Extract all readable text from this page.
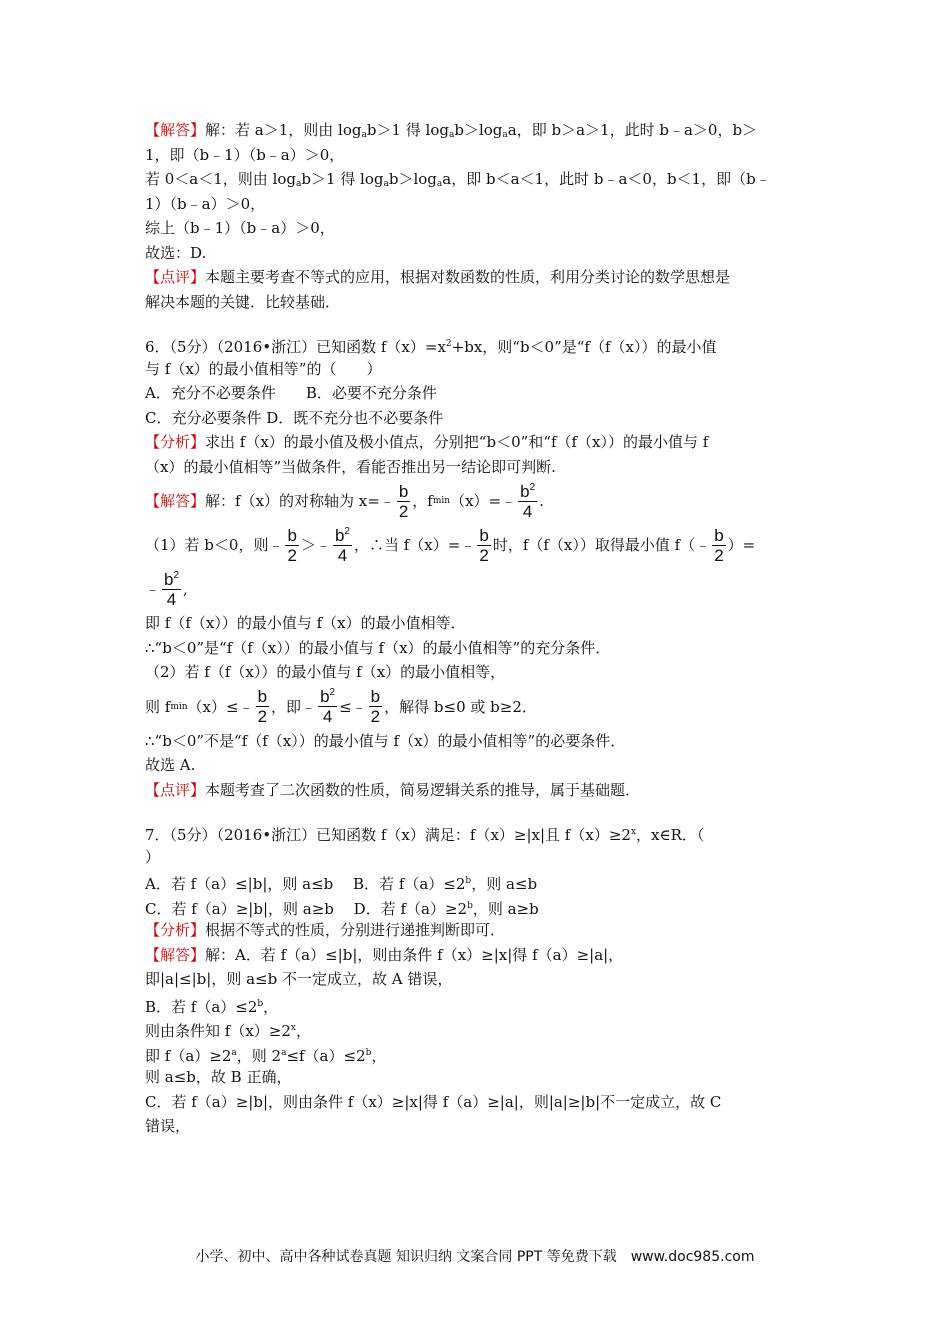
【解答】解：若 a＞1，则由 $\log_ab>1$ 得 $\log_ab>\log_aa$，即 b＞a＞1，此时 b﹣a＞0，b＞
1，即（b﹣1）（b﹣a）＞0，
若 0＜a＜1，则由 $\log_ab>1$ 得 $\log_ab>\log_aa$，即 b＜a＜1，此时 b﹣a＜0，b＜1，即（b﹣
1）（b﹣a）＞0，
综上（b﹣1）（b﹣a）＞0，
故选：D.
【点评】本题主要考查不等式的应用，根据对数函数的性质，利用分类讨论的数学思想是
解决本题的关键．比较基础．
6．（5分）（2016•浙江）已知函数 $f(x)=x^2+bx$，则“b＜0”是“f（f（x））的最小值
与 f（x）的最小值相等”的（　　）
A．充分不必要条件　　B．必要不充分条件
C．充分必要条件 D．既不充分也不必要条件
【分析】求出 f（x）的最小值及极小值点，分别把“b＜0”和“f（f（x））的最小值与 f
（x）的最小值相等”当做条件，看能否推出另一结论即可判断.
【解答】 解：f（x）的对称轴为 x=﹣ $\frac{b}{2}$ ，f min （x）=﹣ $\frac{b^2}{4}$ .
（1）若 b＜0，则﹣ $\frac{b}{2}$ ＞﹣ $\frac{b^2}{4}$ ，∴当 f（x）=﹣ $\frac{b}{2}$ 时，f（f（x））取得最小值 f（﹣ $\frac{b}{2}$ ）=
﹣ $\frac{b^2}{4}$ ,
即 f（f（x））的最小值与 f（x）的最小值相等．
∴“b＜0”是“f（f（x））的最小值与 f（x）的最小值相等”的充分条件．
（2）若 f（f（x））的最小值与 f（x）的最小值相等，
则 f min （x）≤﹣ $\frac{b}{2}$ ，即﹣ $\frac{b^2}{4}$ ≤﹣ $\frac{b}{2}$ ，解得 b≤0 或 b≥2．
∴“b＜0”不是“f（f（x））的最小值与 f（x）的最小值相等”的必要条件．
故选 A.
【点评】本题考查了二次函数的性质，简易逻辑关系的推导，属于基础题．
7．（5分）（2016•浙江）已知函数 f（x）满足：f（x）≥|x|且 $f(x)\ge 2^x$，x∈R．（
）
A．若 f（a）≤|b|，则 a≤b　 B．若 $f(a)\le 2^b$，则 a≤b
C．若 f（a）≥|b|，则 a≥b　 D．若 $f(a)\ge 2^b$，则 a≥b
【分析】根据不等式的性质，分别进行递推判断即可．
【解答】解：A．若 f（a）≤|b|，则由条件 f（x）≥|x|得 f（a）≥|a|，
即|a|≤|b|，则 a≤b 不一定成立，故 A 错误，
B．若 $f(a)\le 2^b$，
则由条件知 $f(x)\ge 2^x$，
即 $f(a)\ge 2^a$，则 $2^a\le f(a)\le 2^b$，
则 a≤b，故 B 正确，
C．若 f（a）≥|b|，则由条件 f（x）≥|x|得 f（a）≥|a|，则|a|≥|b|不一定成立，故 C
错误，
小学、初中、高中各种试卷真题 知识归纳 文案合同 PPT 等免费下载　www.doc985.com
